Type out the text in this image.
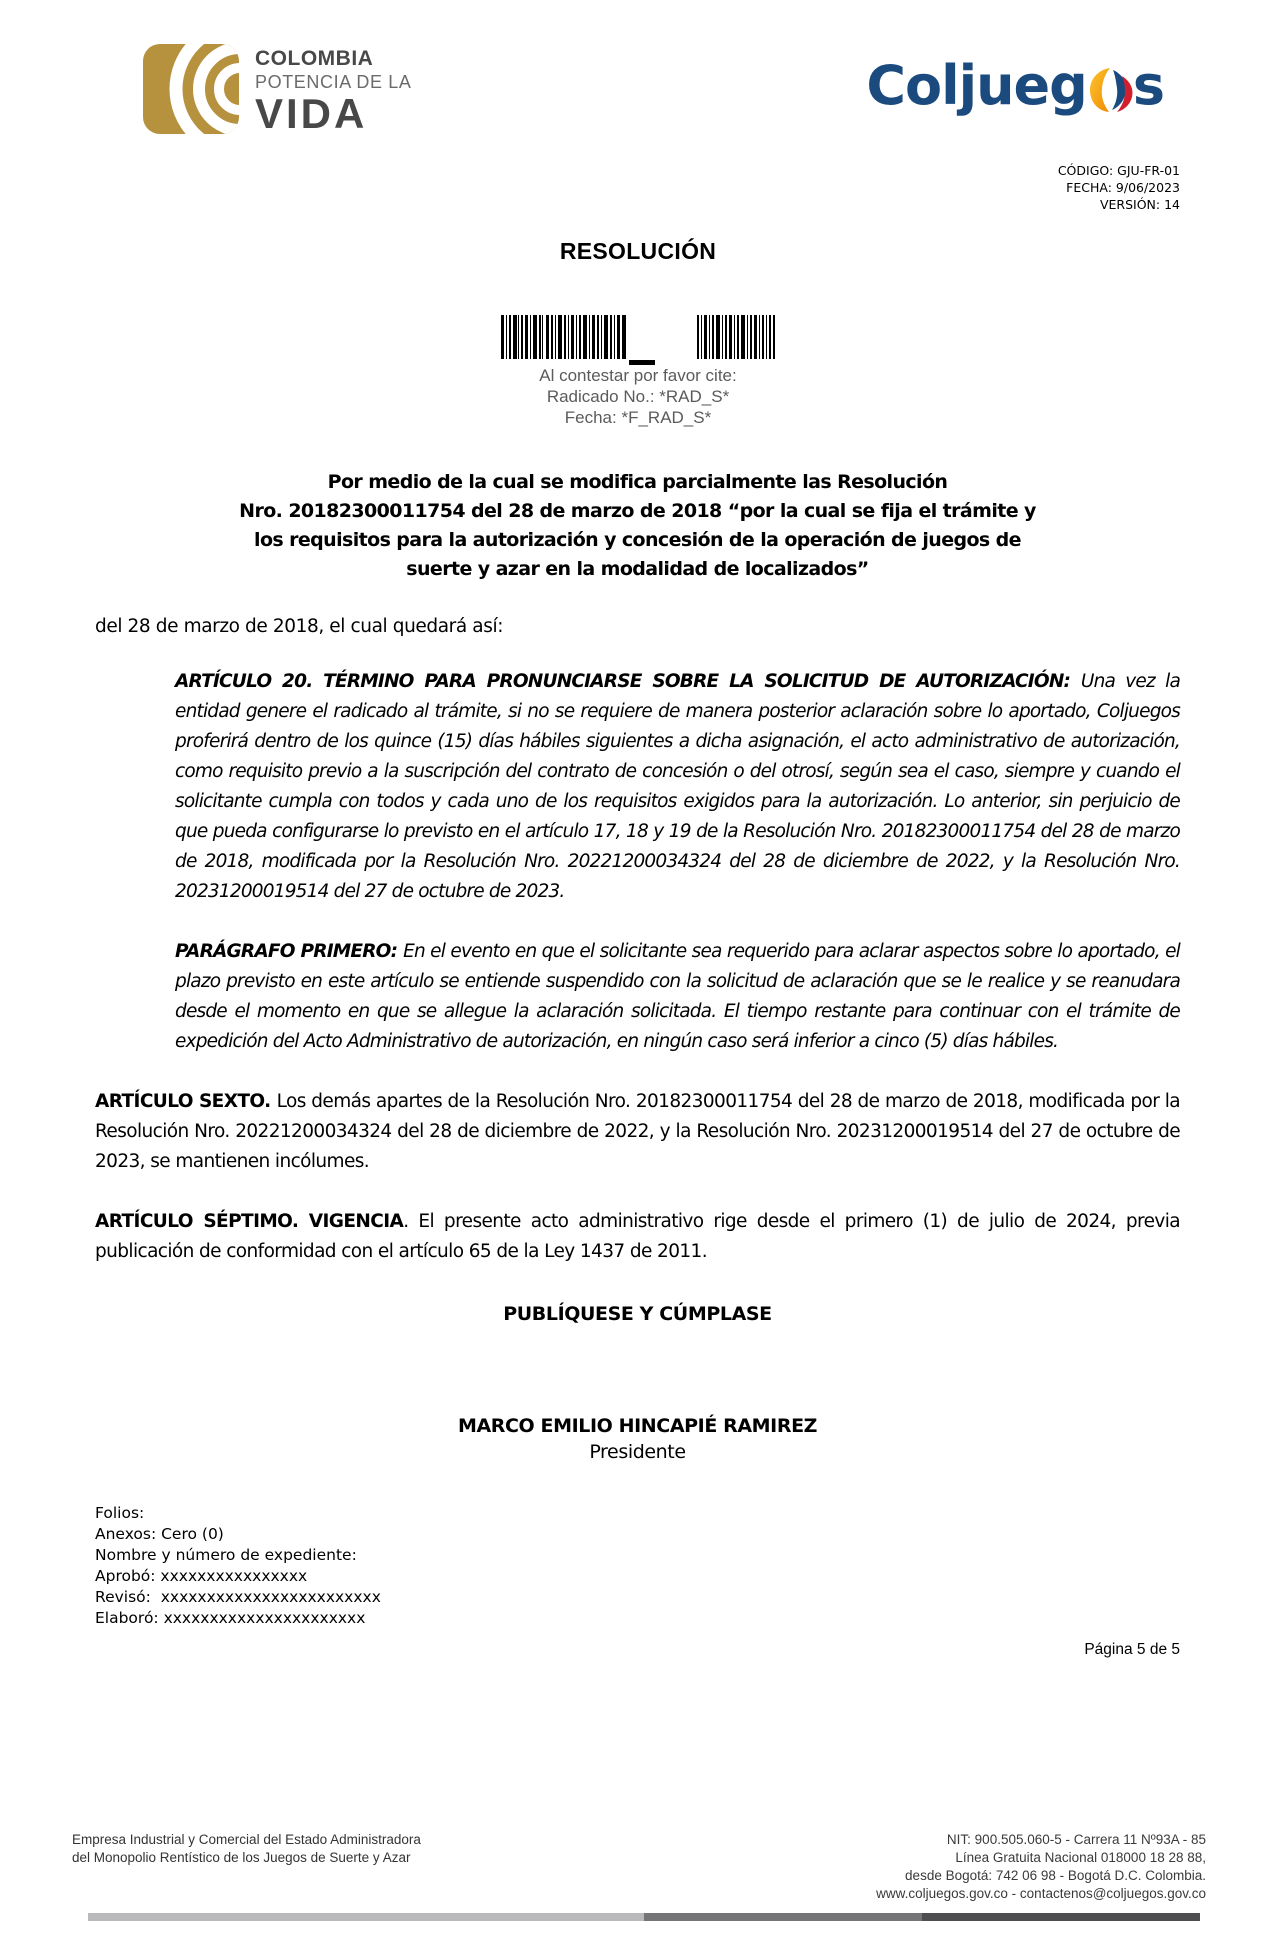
COLOMBIA
POTENCIA DE LA
VIDA	Coljueg s
CÓDIGO: GJU-FR-01
FECHA: 9/06/2023
VERSIÓN: 14
RESOLUCIÓN
Al contestar por favor cite:
Radicado No.: *RAD_S*
Fecha: *F_RAD_S*
Por medio de la cual se modifica parcialmente las Resolución
Nro. 20182300011754 del 28 de marzo de 2018 “por la cual se fija el trámite y
los requisitos para la autorización y concesión de la operación de juegos de
suerte y azar en la modalidad de localizados”
del 28 de marzo de 2018, el cual quedará así:
ARTÍCULO 20. TÉRMINO PARA PRONUNCIARSE SOBRE LA SOLICITUD DE AUTORIZACIÓN: Una vez la entidad genere el radicado al trámite, si no se requiere de manera posterior aclaración sobre lo aportado, Coljuegos proferirá dentro de los quince (15) días hábiles siguientes a dicha asignación, el acto administrativo de autorización, como requisito previo a la suscripción del contrato de concesión o del otrosí, según sea el caso, siempre y cuando el solicitante cumpla con todos y cada uno de los requisitos exigidos para la autorización. Lo anterior, sin perjuicio de que pueda configurarse lo previsto en el artículo 17, 18 y 19 de la Resolución Nro. 20182300011754 del 28 de marzo de 2018, modificada por la Resolución Nro. 20221200034324 del 28 de diciembre de 2022, y la Resolución Nro. 20231200019514 del 27 de octubre de 2023.
PARÁGRAFO PRIMERO: En el evento en que el solicitante sea requerido para aclarar aspectos sobre lo aportado, el plazo previsto en este artículo se entiende suspendido con la solicitud de aclaración que se le realice y se reanudara desde el momento en que se allegue la aclaración solicitada. El tiempo restante para continuar con el trámite de expedición del Acto Administrativo de autorización, en ningún caso será inferior a cinco (5) días hábiles.
ARTÍCULO SEXTO. Los demás apartes de la Resolución Nro. 20182300011754 del 28 de marzo de 2018, modificada por la Resolución Nro. 20221200034324 del 28 de diciembre de 2022, y la Resolución Nro. 20231200019514 del 27 de octubre de 2023, se mantienen incólumes.
ARTÍCULO SÉPTIMO. VIGENCIA. El presente acto administrativo rige desde el primero (1) de julio de 2024, previa publicación de conformidad con el artículo 65 de la Ley 1437 de 2011.
PUBLÍQUESE Y CÚMPLASE
MARCO EMILIO HINCAPIÉ RAMIREZ
Presidente
Folios:
Anexos: Cero (0)
Nombre y número de expediente:
Aprobó: xxxxxxxxxxxxxxxx
Revisó:  xxxxxxxxxxxxxxxxxxxxxxxx
Elaboró: xxxxxxxxxxxxxxxxxxxxxx
Página 5 de 5
Empresa Industrial y Comercial del Estado Administradora
del Monopolio Rentístico de los Juegos de Suerte y Azar
NIT: 900.505.060-5 - Carrera 11 Nº93A - 85
Línea Gratuita Nacional 018000 18 28 88,
desde Bogotá: 742 06 98 - Bogotá D.C. Colombia.
www.coljuegos.gov.co - contactenos@coljuegos.gov.co
